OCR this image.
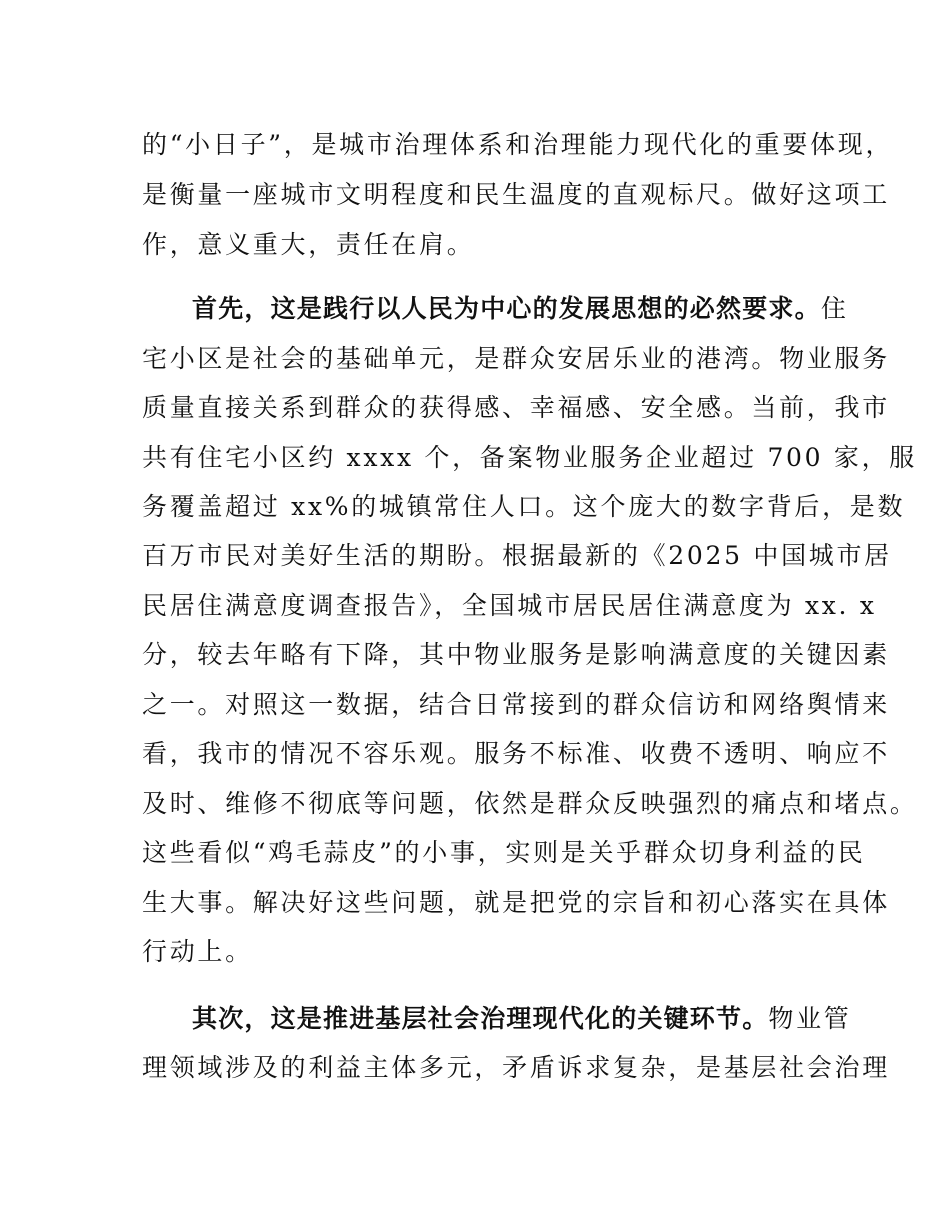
的“小日子”，是城市治理体系和治理能力现代化的重要体现，
是衡量一座城市文明程度和民生温度的直观标尺。做好这项工
作，意义重大，责任在肩。
首先，这是践行以人民为中心的发展思想的必然要求。住
宅小区是社会的基础单元，是群众安居乐业的港湾。物业服务
质量直接关系到群众的获得感、幸福感、安全感。当前，我市
共有住宅小区约 xxxx 个，备案物业服务企业超过 700 家，服
务覆盖超过 xx%的城镇常住人口。这个庞大的数字背后，是数
百万市民对美好生活的期盼。根据最新的《2025 中国城市居
民居住满意度调查报告》，全国城市居民居住满意度为 xx. x
分，较去年略有下降，其中物业服务是影响满意度的关键因素
之一。对照这一数据，结合日常接到的群众信访和网络舆情来
看，我市的情况不容乐观。服务不标准、收费不透明、响应不
及时、维修不彻底等问题，依然是群众反映强烈的痛点和堵点。
这些看似“鸡毛蒜皮”的小事，实则是关乎群众切身利益的民
生大事。解决好这些问题，就是把党的宗旨和初心落实在具体
行动上。
其次，这是推进基层社会治理现代化的关键环节。物业管
理领域涉及的利益主体多元，矛盾诉求复杂，是基层社会治理
